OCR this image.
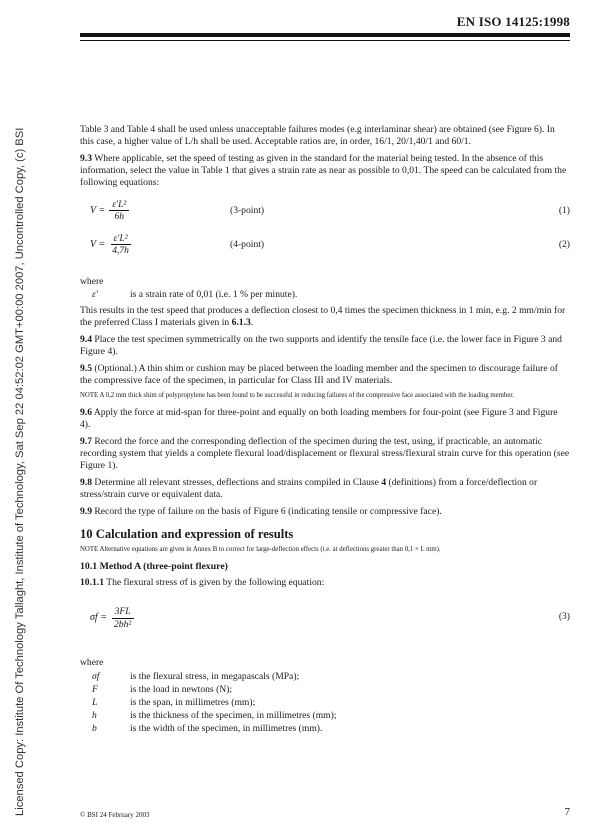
EN ISO 14125:1998
Licensed Copy: Institute Of Technology Tallaght, Institute of Technology, Sat Sep 22 04:52:02 GMT+00:00 2007, Uncontrolled Copy, (c) BSI	Table 3 and Table 4 shall be used unless unacceptable failures modes (e.g interlaminar shear) are obtained (see Figure 6). In this case, a higher value of L/h shall be used. Acceptable ratios are, in order, 16/1, 20/1,40/1 and 60/1.

9.3 Where applicable, set the speed of testing as given in the standard for the material being tested. In the absence of this information, select the value in Table 1 that gives a strain rate as near as possible to 0,01. The speed can be calculated from the following equations:

$V = \frac{\text{ε′L²}}{6h}$	(3-point)	(1)
$V = \frac{\text{ε′L²}}{4,7h}$	(4-point)	(2)

where

ε′	is a strain rate of 0,01 (i.e. 1 % per minute).

This results in the test speed that produces a deflection closest to 0,4 times the specimen thickness in 1 min, e.g. 2 mm/min for the preferred Class I materials given in 6.1.3.

9.4 Place the test specimen symmetrically on the two supports and identify the tensile face (i.e. the lower face in Figure 3 and Figure 4).

9.5 (Optional.) A thin shim or cushion may be placed between the loading member and the specimen to discourage failure of the compressive face of the specimen, in particular for Class III and IV materials.

NOTE A 0,2 mm thick shim of polypropylene has been found to be successful in reducing failures of the compressive face associated with the loading member.

9.6 Apply the force at mid-span for three-point and equally on both loading members for four-point (see Figure 3 and Figure 4).

9.7 Record the force and the corresponding deflection of the specimen during the test, using, if practicable, an automatic recording system that yields a complete flexural load/displacement or flexural stress/flexural strain curve for this operation (see Figure 1).

9.8 Determine all relevant stresses, deflections and strains compiled in Clause 4 (definitions) from a force/deflection or stress/strain curve or equivalent data.

9.9 Record the type of failure on the basis of Figure 6 (indicating tensile or compressive face).

10 Calculation and expression of results

NOTE Alternative equations are given in Annex B to correct for large-deflection effects (i.e. at deflections greater than 0,1 × L mm).

10.1 Method A (three-point flexure)

10.1.1 The flexural stress σf is given by the following equation:

$\sigma f = \frac{3FL}{\text{2bh²}}$	(3)

where

σf	is the flexural stress, in megapascals (MPa);
F	is the load in newtons (N);
L	is the span, in millimetres (mm);
h	is the thickness of the specimen, in millimetres (mm);
b	is the width of the specimen, in millimetres (mm).
© BSI 24 February 2003	7
